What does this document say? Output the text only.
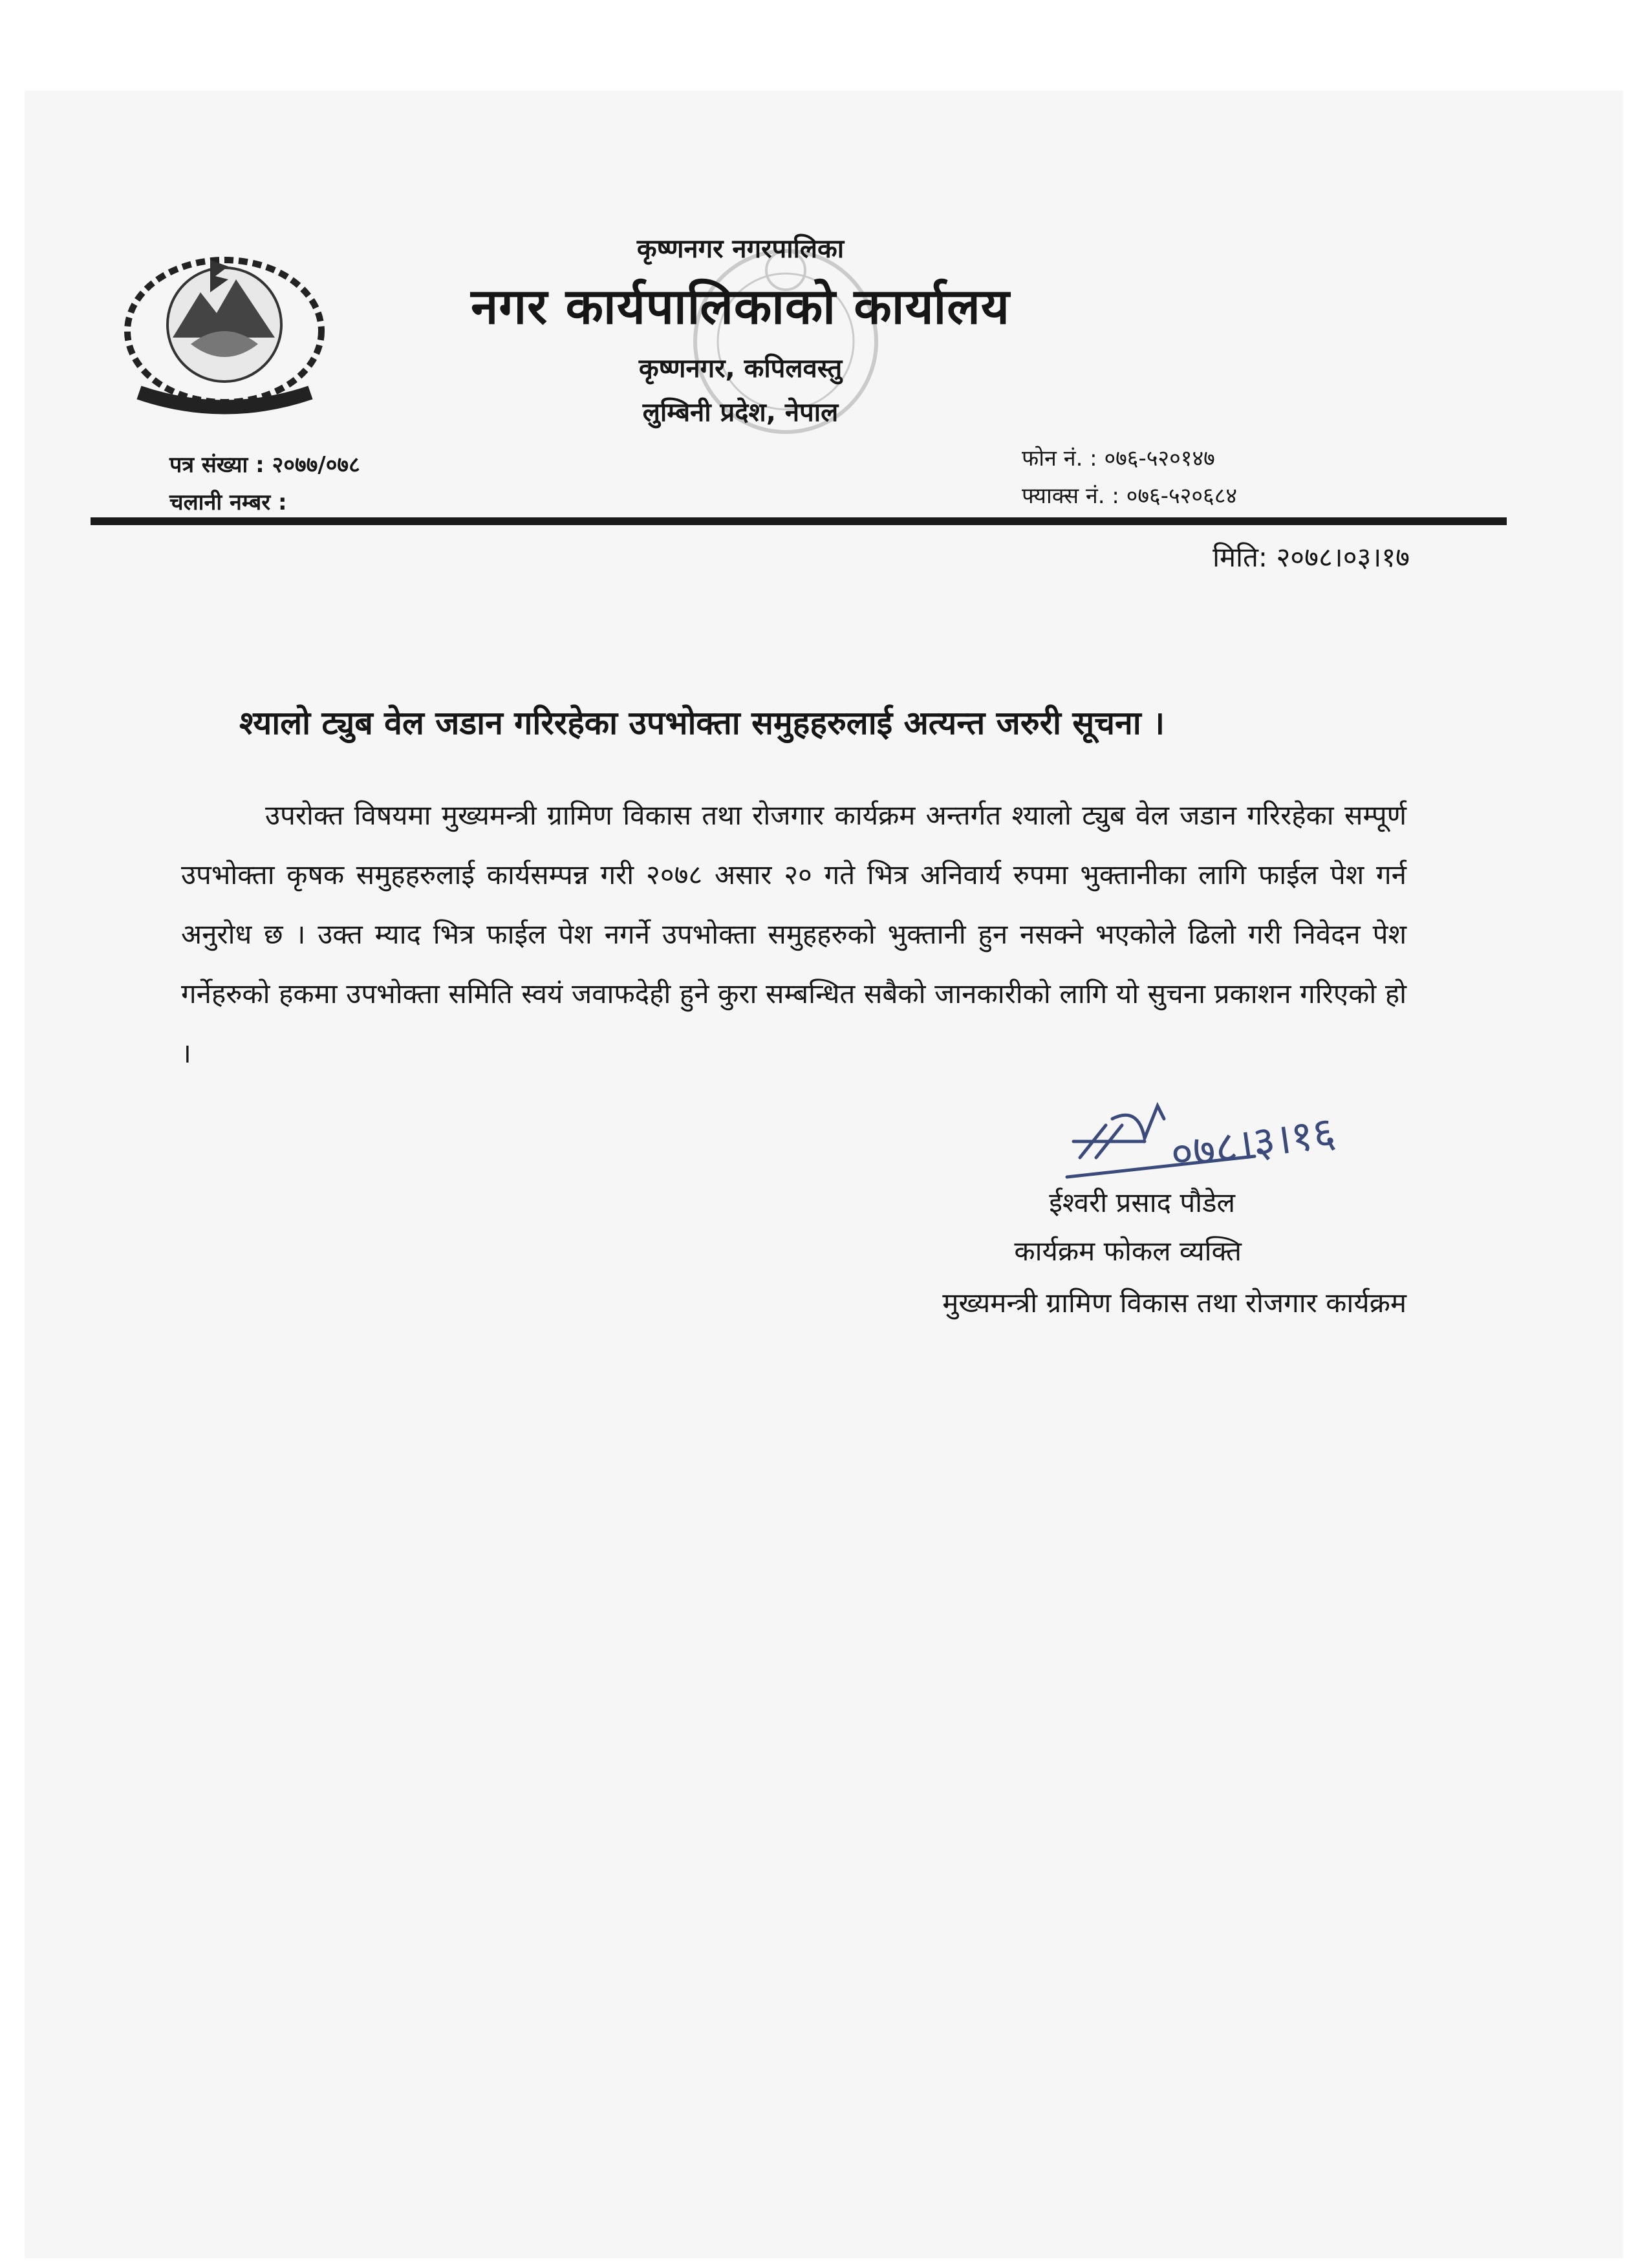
कृष्णनगर नगरपालिका
नगर कार्यपालिकाको कार्यालय
कृष्णनगर, कपिलवस्तु
लुम्बिनी प्रदेश, नेपाल
पत्र संख्या : २०७७/०७८
चलानी नम्बर :
फोन नं. : ०७६-५२०१४७
फ्याक्स नं. : ०७६-५२०६८४
मिति: २०७८।०३।१७
श्यालो ट्युब वेल जडान गरिरहेका उपभोक्ता समुहहरुलाई अत्यन्त जरुरी सूचना ।
उपरोक्त विषयमा मुख्यमन्त्री ग्रामिण विकास तथा रोजगार कार्यक्रम अन्तर्गत श्यालो ट्युब वेल जडान गरिरहेका सम्पूर्ण उपभोक्ता कृषक समुहहरुलाई कार्यसम्पन्न गरी २०७८ असार २० गते भित्र अनिवार्य रुपमा भुक्तानीका लागि फाईल पेश गर्न अनुरोध छ । उक्त म्याद भित्र फाईल पेश नगर्ने उपभोक्ता समुहहरुको भुक्तानी हुन नसक्ने भएकोले ढिलो गरी निवेदन पेश गर्नेहरुको हकमा उपभोक्ता समिति स्वयं जवाफदेही हुने कुरा सम्बन्धित सबैको जानकारीको लागि यो सुचना प्रकाशन गरिएको हो ।
०७८।३।१६
ईश्वरी प्रसाद पौडेल
कार्यक्रम फोकल व्यक्ति
मुख्यमन्त्री ग्रामिण विकास तथा रोजगार कार्यक्रम
